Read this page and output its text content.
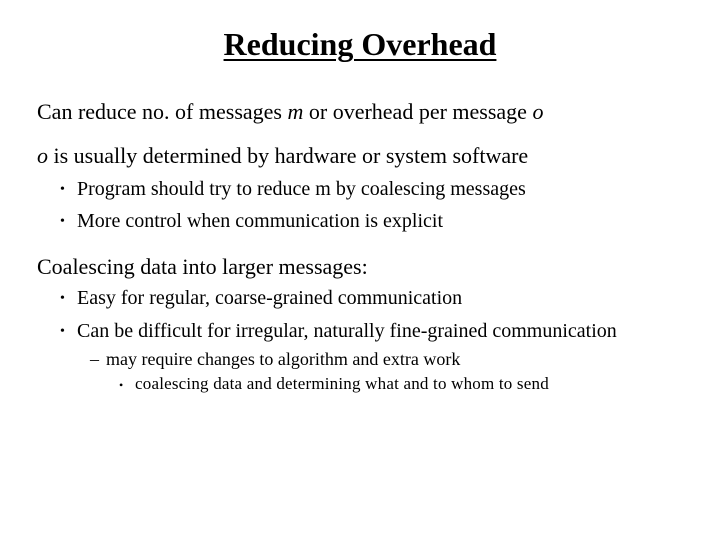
Reducing Overhead
Can reduce no. of messages m or overhead per message o
o is usually determined by hardware or system software
• Program should try to reduce m by coalescing messages
• More control when communication is explicit
Coalescing data into larger messages:
• Easy for regular, coarse-grained communication
• Can be difficult for irregular, naturally fine-grained communication
– may require changes to algorithm and extra work
• coalescing data and determining what and to whom to send
